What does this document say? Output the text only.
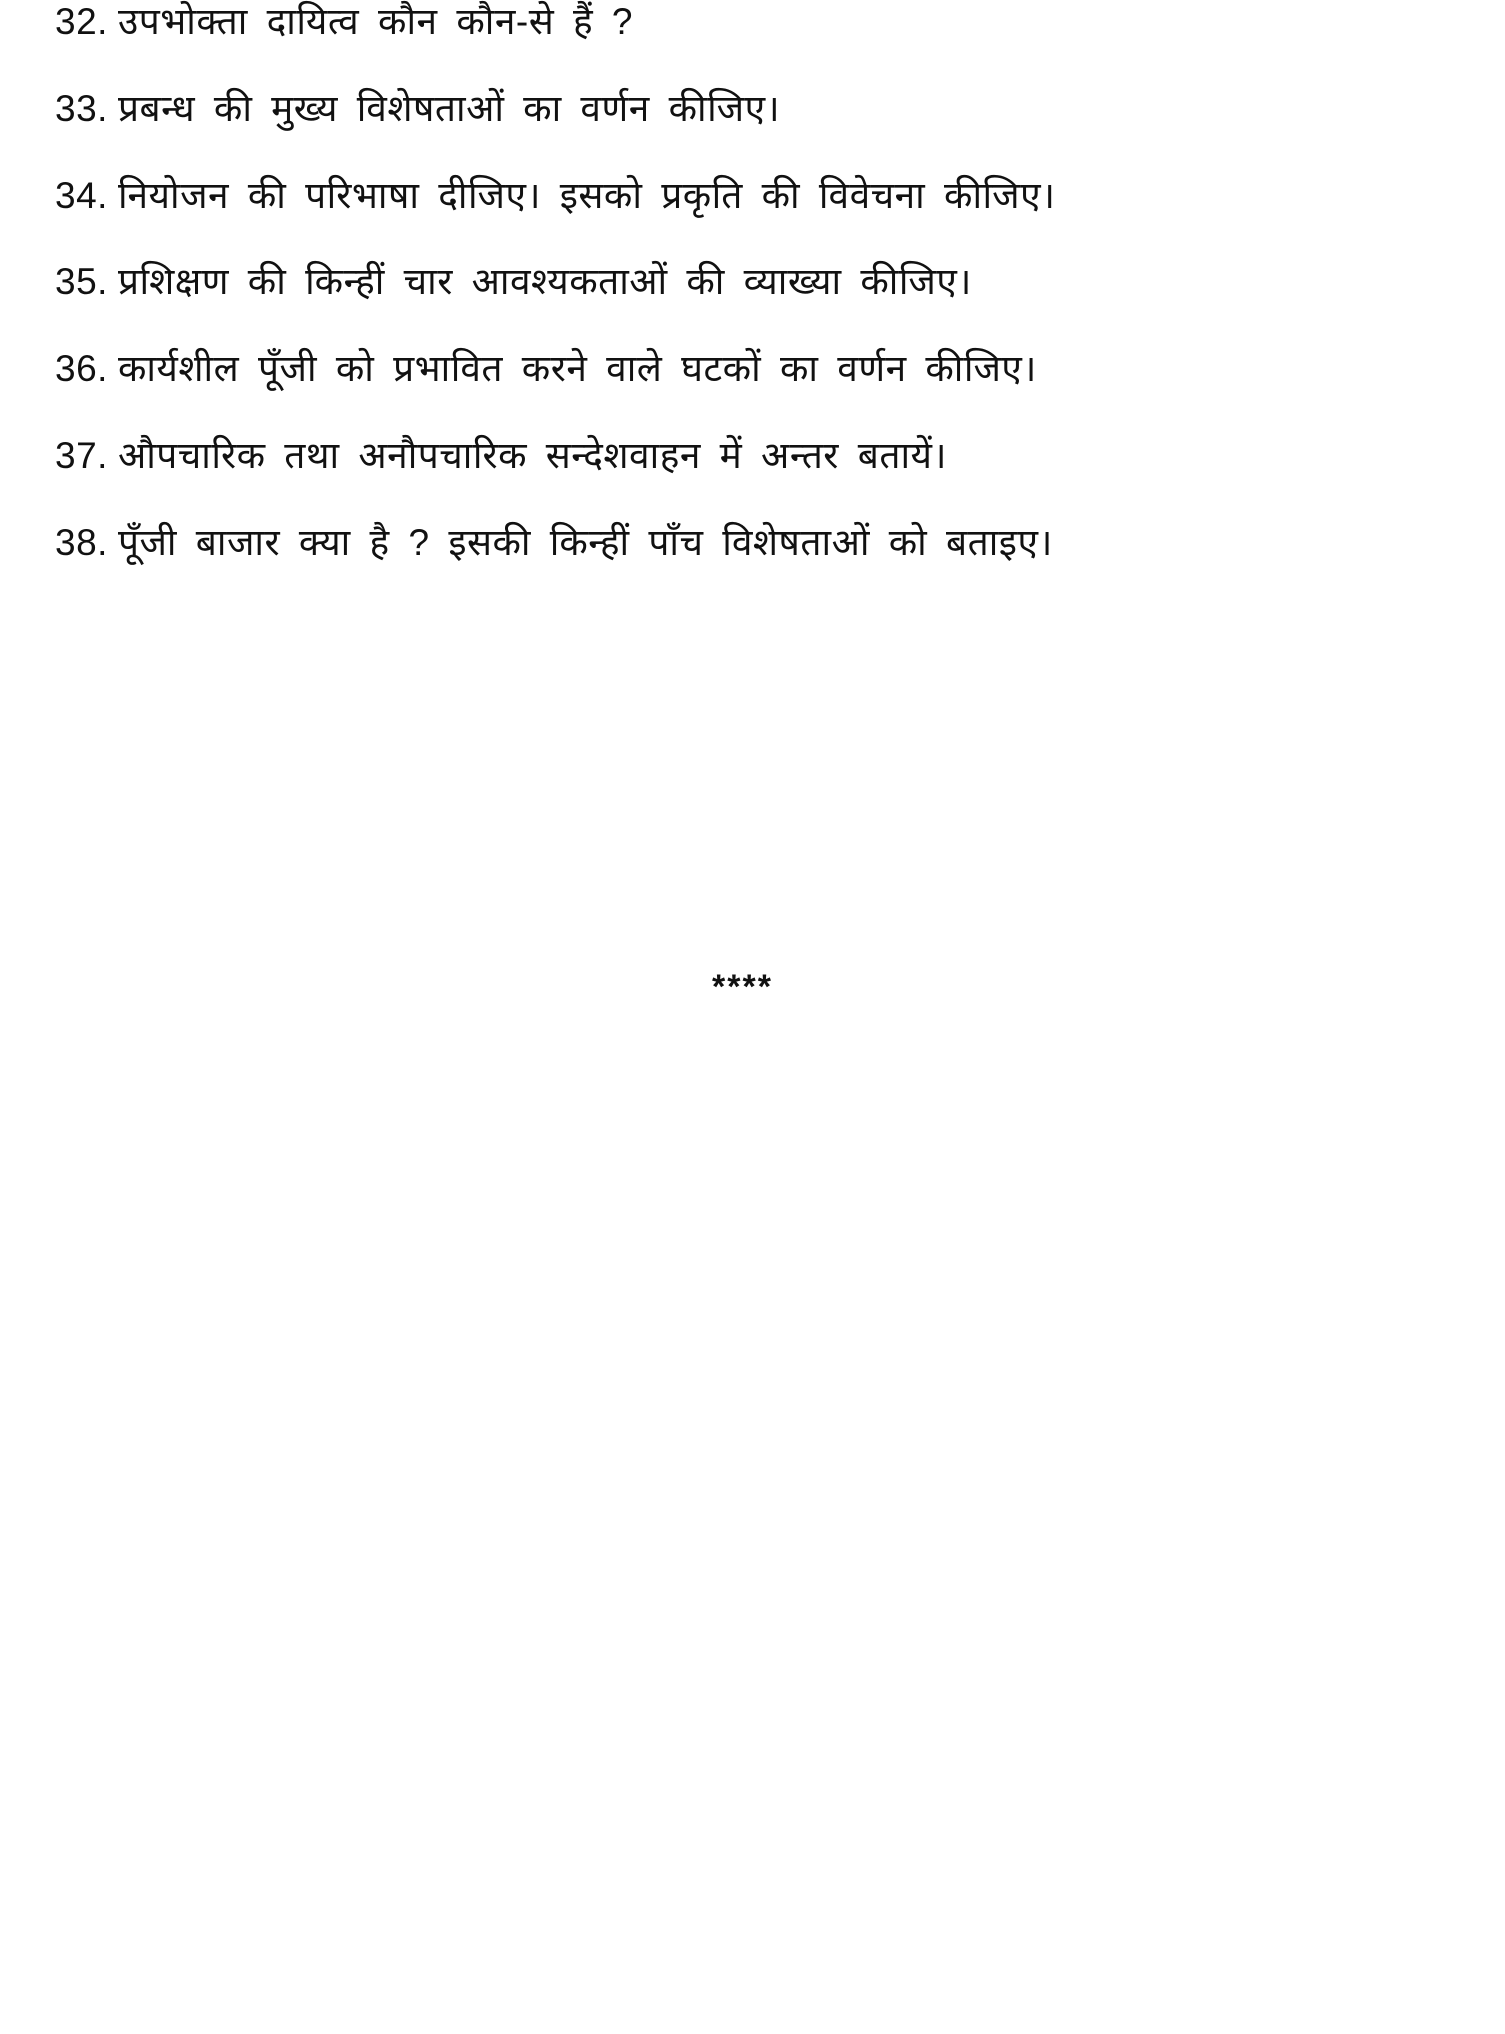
32. उपभोक्ता दायित्व कौन कौन-से हैं ?
33. प्रबन्ध की मुख्य विशेषताओं का वर्णन कीजिए।
34. नियोजन की परिभाषा दीजिए। इसको प्रकृति की विवेचना कीजिए।
35. प्रशिक्षण की किन्हीं चार आवश्यकताओं की व्याख्या कीजिए।
36. कार्यशील पूँजी को प्रभावित करने वाले घटकों का वर्णन कीजिए।
37. औपचारिक तथा अनौपचारिक सन्देशवाहन में अन्तर बतायें।
38. पूँजी बाजार क्या है ? इसकी किन्हीं पाँच विशेषताओं को बताइए।
****
